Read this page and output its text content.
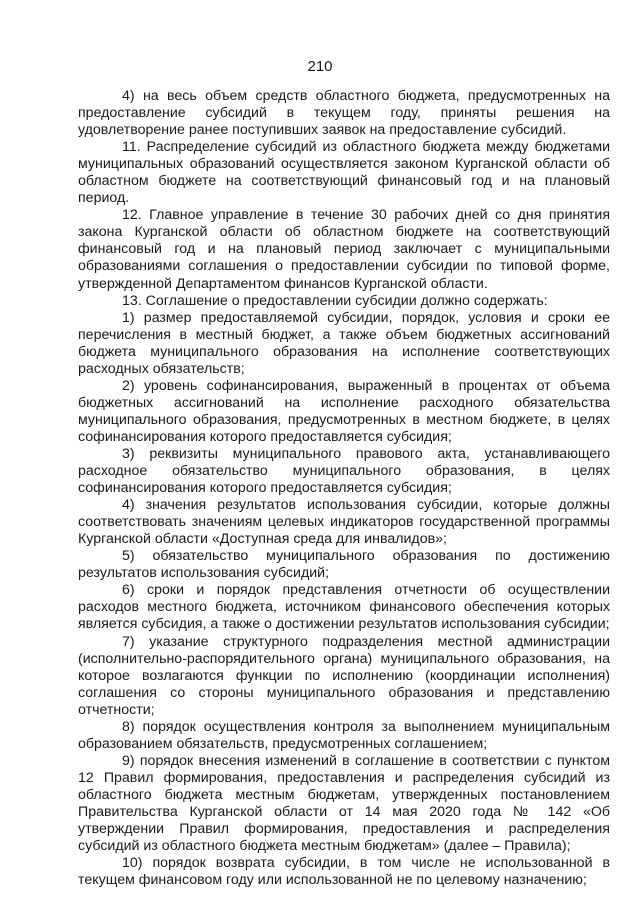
210

4) на весь объем средств областного бюджета, предусмотренных на предоставление субсидий в текущем году, приняты решения на удовлетворение ранее поступивших заявок на предоставление субсидий.

11. Распределение субсидий из областного бюджета между бюджетами муниципальных образований осуществляется законом Курганской области об областном бюджете на соответствующий финансовый год и на плановый период.

12. Главное управление в течение 30 рабочих дней со дня принятия закона Курганской области об областном бюджете на соответствующий финансовый год и на плановый период заключает с муниципальными образованиями соглашения о предоставлении субсидии по типовой форме, утвержденной Департаментом финансов Курганской области.

13. Соглашение о предоставлении субсидии должно содержать:

1) размер предоставляемой субсидии, порядок, условия и сроки ее перечисления в местный бюджет, а также объем бюджетных ассигнований бюджета муниципального образования на исполнение соответствующих расходных обязательств;

2) уровень софинансирования, выраженный в процентах от объема бюджетных ассигнований на исполнение расходного обязательства муниципального образования, предусмотренных в местном бюджете, в целях софинансирования которого предоставляется субсидия;

3) реквизиты муниципального правового акта, устанавливающего расходное обязательство муниципального образования, в целях софинансирования которого предоставляется субсидия;

4) значения результатов использования субсидии, которые должны соответствовать значениям целевых индикаторов государственной программы Курганской области «Доступная среда для инвалидов»;

5) обязательство муниципального образования по достижению результатов использования субсидий;

6) сроки и порядок представления отчетности об осуществлении расходов местного бюджета, источником финансового обеспечения которых является субсидия, а также о достижении результатов использования субсидии;

7) указание структурного подразделения местной администрации (исполнительно-распорядительного органа) муниципального образования, на которое возлагаются функции по исполнению (координации исполнения) соглашения со стороны муниципального образования и представлению отчетности;

8) порядок осуществления контроля за выполнением муниципальным образованием обязательств, предусмотренных соглашением;

9) порядок внесения изменений в соглашение в соответствии с пунктом 12 Правил формирования, предоставления и распределения субсидий из областного бюджета местным бюджетам, утвержденных постановлением Правительства Курганской области от 14 мая 2020 года № 142 «Об утверждении Правил формирования, предоставления и распределения субсидий из областного бюджета местным бюджетам» (далее – Правила);

10) порядок возврата субсидии, в том числе не использованной в текущем финансовом году или использованной не по целевому назначению;
